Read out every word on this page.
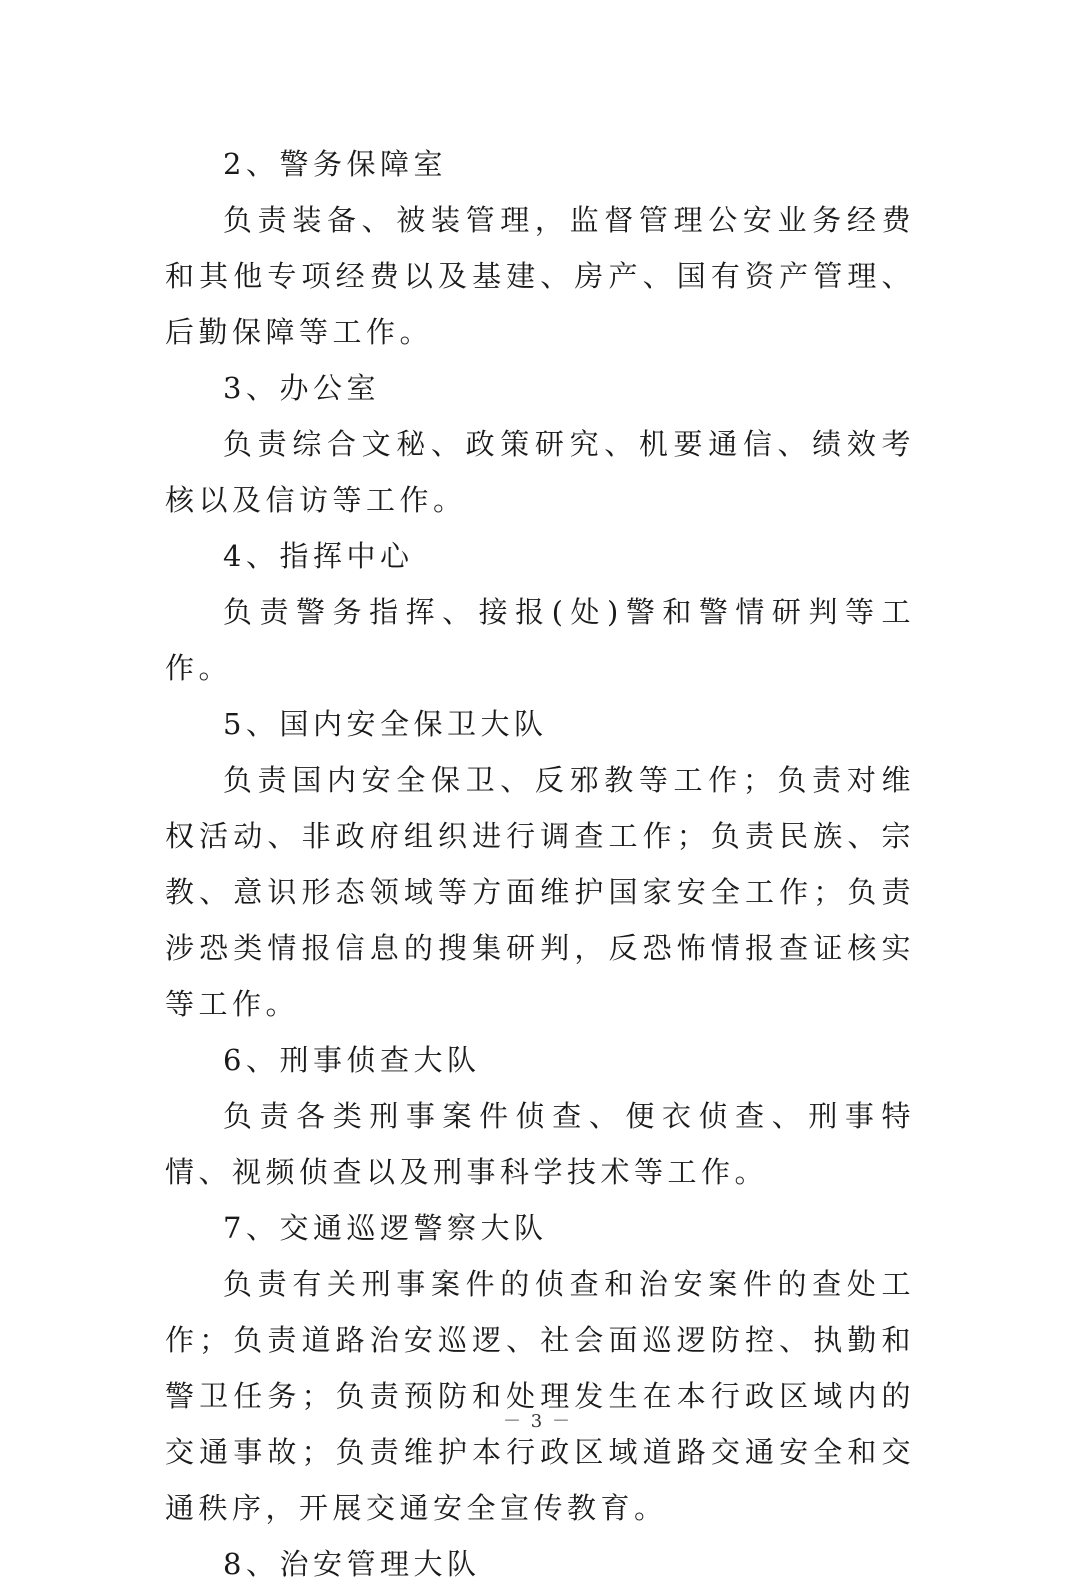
2、警务保障室

负责装备、被装管理，监督管理公安业务经费和其他专项经费以及基建、房产、国有资产管理、后勤保障等工作。

3、办公室

负责综合文秘、政策研究、机要通信、绩效考核以及信访等工作。

4、指挥中心

负责警务指挥、接报(处)警和警情研判等工作。

5、国内安全保卫大队

负责国内安全保卫、反邪教等工作；负责对维权活动、非政府组织进行调查工作；负责民族、宗教、意识形态领域等方面维护国家安全工作；负责涉恐类情报信息的搜集研判，反恐怖情报查证核实等工作。

6、刑事侦查大队

负责各类刑事案件侦查、便衣侦查、刑事特情、视频侦查以及刑事科学技术等工作。

7、交通巡逻警察大队

负责有关刑事案件的侦查和治安案件的查处工作；负责道路治安巡逻、社会面巡逻防控、执勤和警卫任务；负责预防和处理发生在本行政区域内的交通事故；负责维护本行政区域道路交通安全和交通秩序，开展交通安全宣传教育。

8、治安管理大队

－ 3 －
